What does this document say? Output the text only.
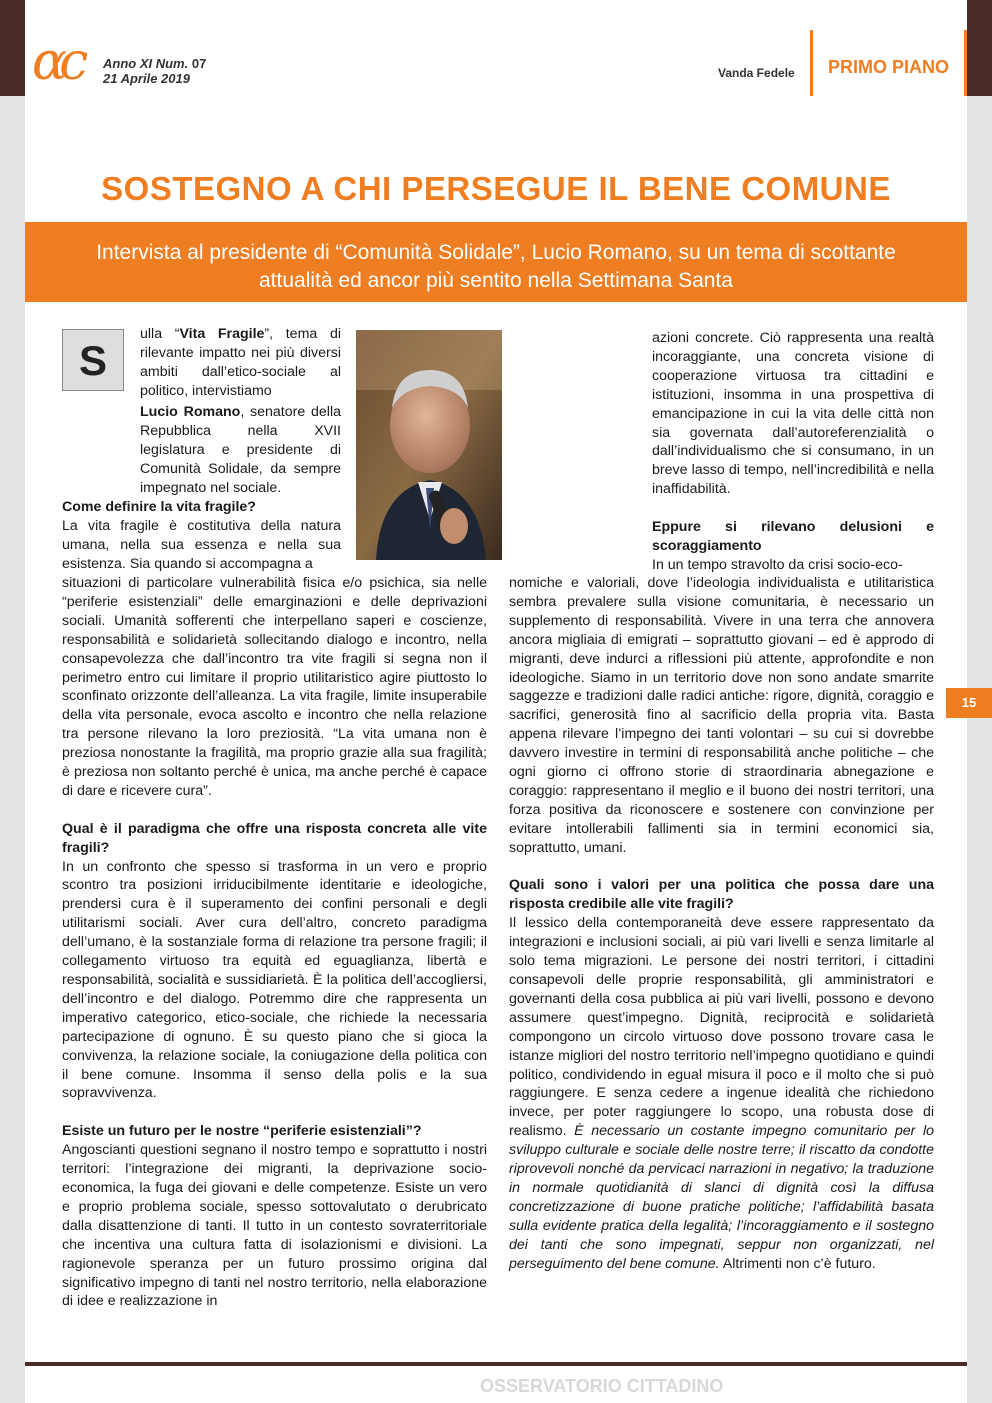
αc Anno XI Num. 07
21 Aprile 2019	Vanda Fedele	PRIMO PIANO
SOSTEGNO A CHI PERSEGUE IL BENE COMUNE
Intervista al presidente di “Comunità Solidale”, Lucio Romano, su un tema di scottante attualità ed ancor più sentito nella Settimana Santa
S
ulla “Vita Fragile”, tema di rilevante impatto nei più diversi ambiti dall’etico-sociale al politico, intervistiamo

Lucio Romano, senatore della Repubblica nella XVII legislatura e presidente di Comunità Solidale, da sempre impegnato nel sociale.

Come definire la vita fragile?

La vita fragile è costitutiva della natura umana, nella sua essenza e nella sua esistenza. Sia quando si accompagna a

situazioni di particolare vulnerabilità fisica e/o psichica, sia nelle “periferie esistenziali” delle emarginazioni e delle deprivazioni sociali. Umanità sofferenti che interpellano saperi e coscienze, responsabilità e solidarietà sollecitando dialogo e incontro, nella consapevolezza che dall’incontro tra vite fragili si segna non il perimetro entro cui limitare il proprio utilitaristico agire piuttosto lo sconfinato orizzonte dell’alleanza. La vita fragile, limite insuperabile della vita personale, evoca ascolto e incontro che nella relazione tra persone rilevano la loro preziosità. “La vita umana non è preziosa nonostante la fragilità, ma proprio grazie alla sua fragilità; è preziosa non soltanto perché è unica, ma anche perché è capace di dare e ricevere cura”.

Qual è il paradigma che offre una risposta concreta alle vite fragili?

In un confronto che spesso si trasforma in un vero e proprio scontro tra posizioni irriducibilmente identitarie e ideologiche, prendersi cura è il superamento dei confini personali e degli utilitarismi sociali. Aver cura dell’altro, concreto paradigma dell’umano, è la sostanziale forma di relazione tra persone fragili; il collegamento virtuoso tra equità ed eguaglianza, libertà e responsabilità, socialità e sussidiarietà. È la politica dell’accogliersi, dell’incontro e del dialogo. Potremmo dire che rappresenta un imperativo categorico, etico-sociale, che richiede la necessaria partecipazione di ognuno. È su questo piano che si gioca la convivenza, la relazione sociale, la coniugazione della politica con il bene comune. Insomma il senso della polis e la sua sopravvivenza.

Esiste un futuro per le nostre “periferie esistenziali”?

Angoscianti questioni segnano il nostro tempo e soprattutto i nostri territori: l’integrazione dei migranti, la deprivazione socio-economica, la fuga dei giovani e delle competenze. Esiste un vero e proprio problema sociale, spesso sottovalutato o derubricato dalla disattenzione di tanti. Il tutto in un contesto sovraterritoriale che incentiva una cultura fatta di isolazionismi e divisioni. La ragionevole speranza per un futuro prossimo origina dal significativo impegno di tanti nel nostro territorio, nella elaborazione di idee e realizzazione in

azioni concrete. Ciò rappresenta una realtà incoraggiante, una concreta visione di cooperazione virtuosa tra cittadini e istituzioni, insomma in una prospettiva di emancipazione in cui la vita delle città non sia governata dall’autoreferenzialità o dall’individualismo che si consumano, in un breve lasso di tempo, nell’incredibilità e nella inaffidabilità.

Eppure si rilevano delusioni e scoraggiamento

In un tempo stravolto da crisi socio-eco-

nomiche e valoriali, dove l’ideologia individualista e utilitaristica sembra prevalere sulla visione comunitaria, è necessario un supplemento di responsabilità. Vivere in una terra che annovera ancora migliaia di emigrati – soprattutto giovani – ed è approdo di migranti, deve indurci a riflessioni più attente, approfondite e non ideologiche. Siamo in un territorio dove non sono andate smarrite saggezze e tradizioni dalle radici antiche: rigore, dignità, coraggio e sacrifici, generosità fino al sacrificio della propria vita. Basta appena rilevare l’impegno dei tanti volontari – su cui si dovrebbe davvero investire in termini di responsabilità anche politiche – che ogni giorno ci offrono storie di straordinaria abnegazione e coraggio: rappresentano il meglio e il buono dei nostri territori, una forza positiva da riconoscere e sostenere con convinzione per evitare intollerabili fallimenti sia in termini economici sia, soprattutto, umani.

Quali sono i valori per una politica che possa dare una risposta credibile alle vite fragili?

Il lessico della contemporaneità deve essere rappresentato da integrazioni e inclusioni sociali, ai più vari livelli e senza limitarle al solo tema migrazioni. Le persone dei nostri territori, i cittadini consapevoli delle proprie responsabilità, gli amministratori e governanti della cosa pubblica ai più vari livelli, possono e devono assumere quest’impegno. Dignità, reciprocità e solidarietà compongono un circolo virtuoso dove possono trovare casa le istanze migliori del nostro territorio nell’impegno quotidiano e quindi politico, condividendo in egual misura il poco e il molto che si può raggiungere. E senza cedere a ingenue idealità che richiedono invece, per poter raggiungere lo scopo, una robusta dose di realismo. È necessario un costante impegno comunitario per lo sviluppo culturale e sociale delle nostre terre; il riscatto da condotte riprovevoli nonché da pervicaci narrazioni in negativo; la traduzione in normale quotidianità di slanci di dignità così la diffusa concretizzazione di buone pratiche politiche; l’affidabilità basata sulla evidente pratica della legalità; l’incoraggiamento e il sostegno dei tanti che sono impegnati, seppur non organizzati, nel perseguimento del bene comune. Altrimenti non c’è futuro.

15
OSSERVATORIO CITTADINO
